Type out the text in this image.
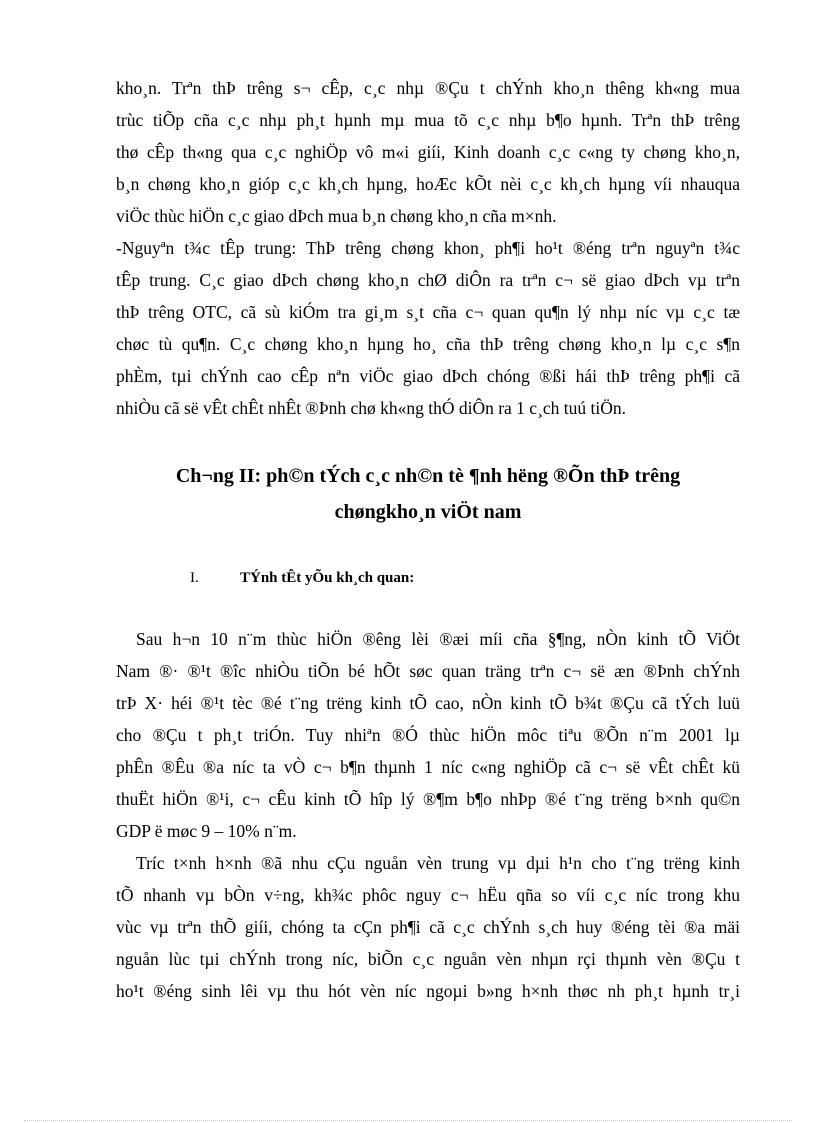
kho¸n. Trªn thÞ trêng s¬ cÊp, c¸c nhµ ®Çu t chÝnh kho¸n thêng kh«ng mua
trùc tiÕp cña c¸c nhµ ph¸t hµnh mµ mua tõ c¸c nhµ b¶o hµnh. Trªn thÞ trêng
thø cÊp th«ng qua c¸c nghiÖp vô m«i giíi, Kinh doanh c¸c c«ng ty chøng kho¸n,
b¸n chøng kho¸n gióp c¸c kh¸ch hµng, hoÆc kÕt nèi c¸c kh¸ch hµng víi nhauqua
viÖc thùc hiÖn c¸c giao dÞch mua b¸n chøng kho¸n cña m×nh.
-Nguyªn t¾c tÊp trung: ThÞ trêng chøng khon¸ ph¶i ho¹t ®éng trªn nguyªn t¾c
tÊp trung. C¸c giao dÞch chøng kho¸n chØ diÔn ra trªn c¬ së giao dÞch vµ trªn
thÞ trêng OTC, cã sù kiÓm tra gi¸m s¸t cña c¬ quan qu¶n lý nhµ níc vµ c¸c tæ
chøc tù qu¶n. C¸c chøng kho¸n hµng ho¸ cña thÞ trêng chøng kho¸n lµ c¸c s¶n
phÈm, tµi chÝnh cao cÊp nªn viÖc giao dÞch chóng ®ßi hái thÞ trêng ph¶i cã
nhiÒu cã së vÊt chÊt nhÊt ®Þnh chø kh«ng thÓ diÔn ra 1 c¸ch tuú tiÖn.
Ch¬ng II: ph©n tÝch c¸c nh©n tè ¶nh hëng ®Õn thÞ trêng
chøngkho¸n viÖt nam
I.	TÝnh tÊt yÕu kh¸ch quan:
Sau h¬n 10 n¨m thùc hiÖn ®êng lèi ®æi míi cña §¶ng, nÒn kinh tÕ ViÖt
Nam ®· ®¹t ®îc nhiÒu tiÕn bé hÕt søc quan träng trªn c¬ së æn ®Þnh chÝnh
trÞ X· héi ®¹t tèc ®é t¨ng trëng kinh tÕ cao, nÒn kinh tÕ b¾t ®Çu cã tÝch luü
cho ®Çu t ph¸t triÓn. Tuy nhiªn ®Ó thùc hiÖn môc tiªu ®Õn n¨m 2001 lµ
phÊn ®Êu ®a níc ta vÒ c¬ b¶n thµnh 1 níc c«ng nghiÖp cã c¬ së vÊt chÊt kü
thuËt hiÖn ®¹i, c¬ cÊu kinh tÕ hîp lý ®¶m b¶o nhÞp ®é t¨ng trëng b×nh qu©n
GDP ë møc 9 – 10% n¨m.
Tríc t×nh h×nh ®ã nhu cÇu nguån vèn trung vµ dµi h¹n cho t¨ng trëng kinh
tÕ nhanh vµ bÒn v÷ng, kh¾c phôc nguy c¬ hËu qña so víi c¸c níc trong khu
vùc vµ trªn thÕ giíi, chóng ta cÇn ph¶i cã c¸c chÝnh s¸ch huy ®éng tèi ®a mäi
nguån lùc tµi chÝnh trong níc, biÕn c¸c nguån vèn nhµn rçi thµnh vèn ®Çu t
ho¹t ®éng sinh lêi vµ thu hót vèn níc ngoµi b»ng h×nh thøc nh ph¸t hµnh tr¸i
